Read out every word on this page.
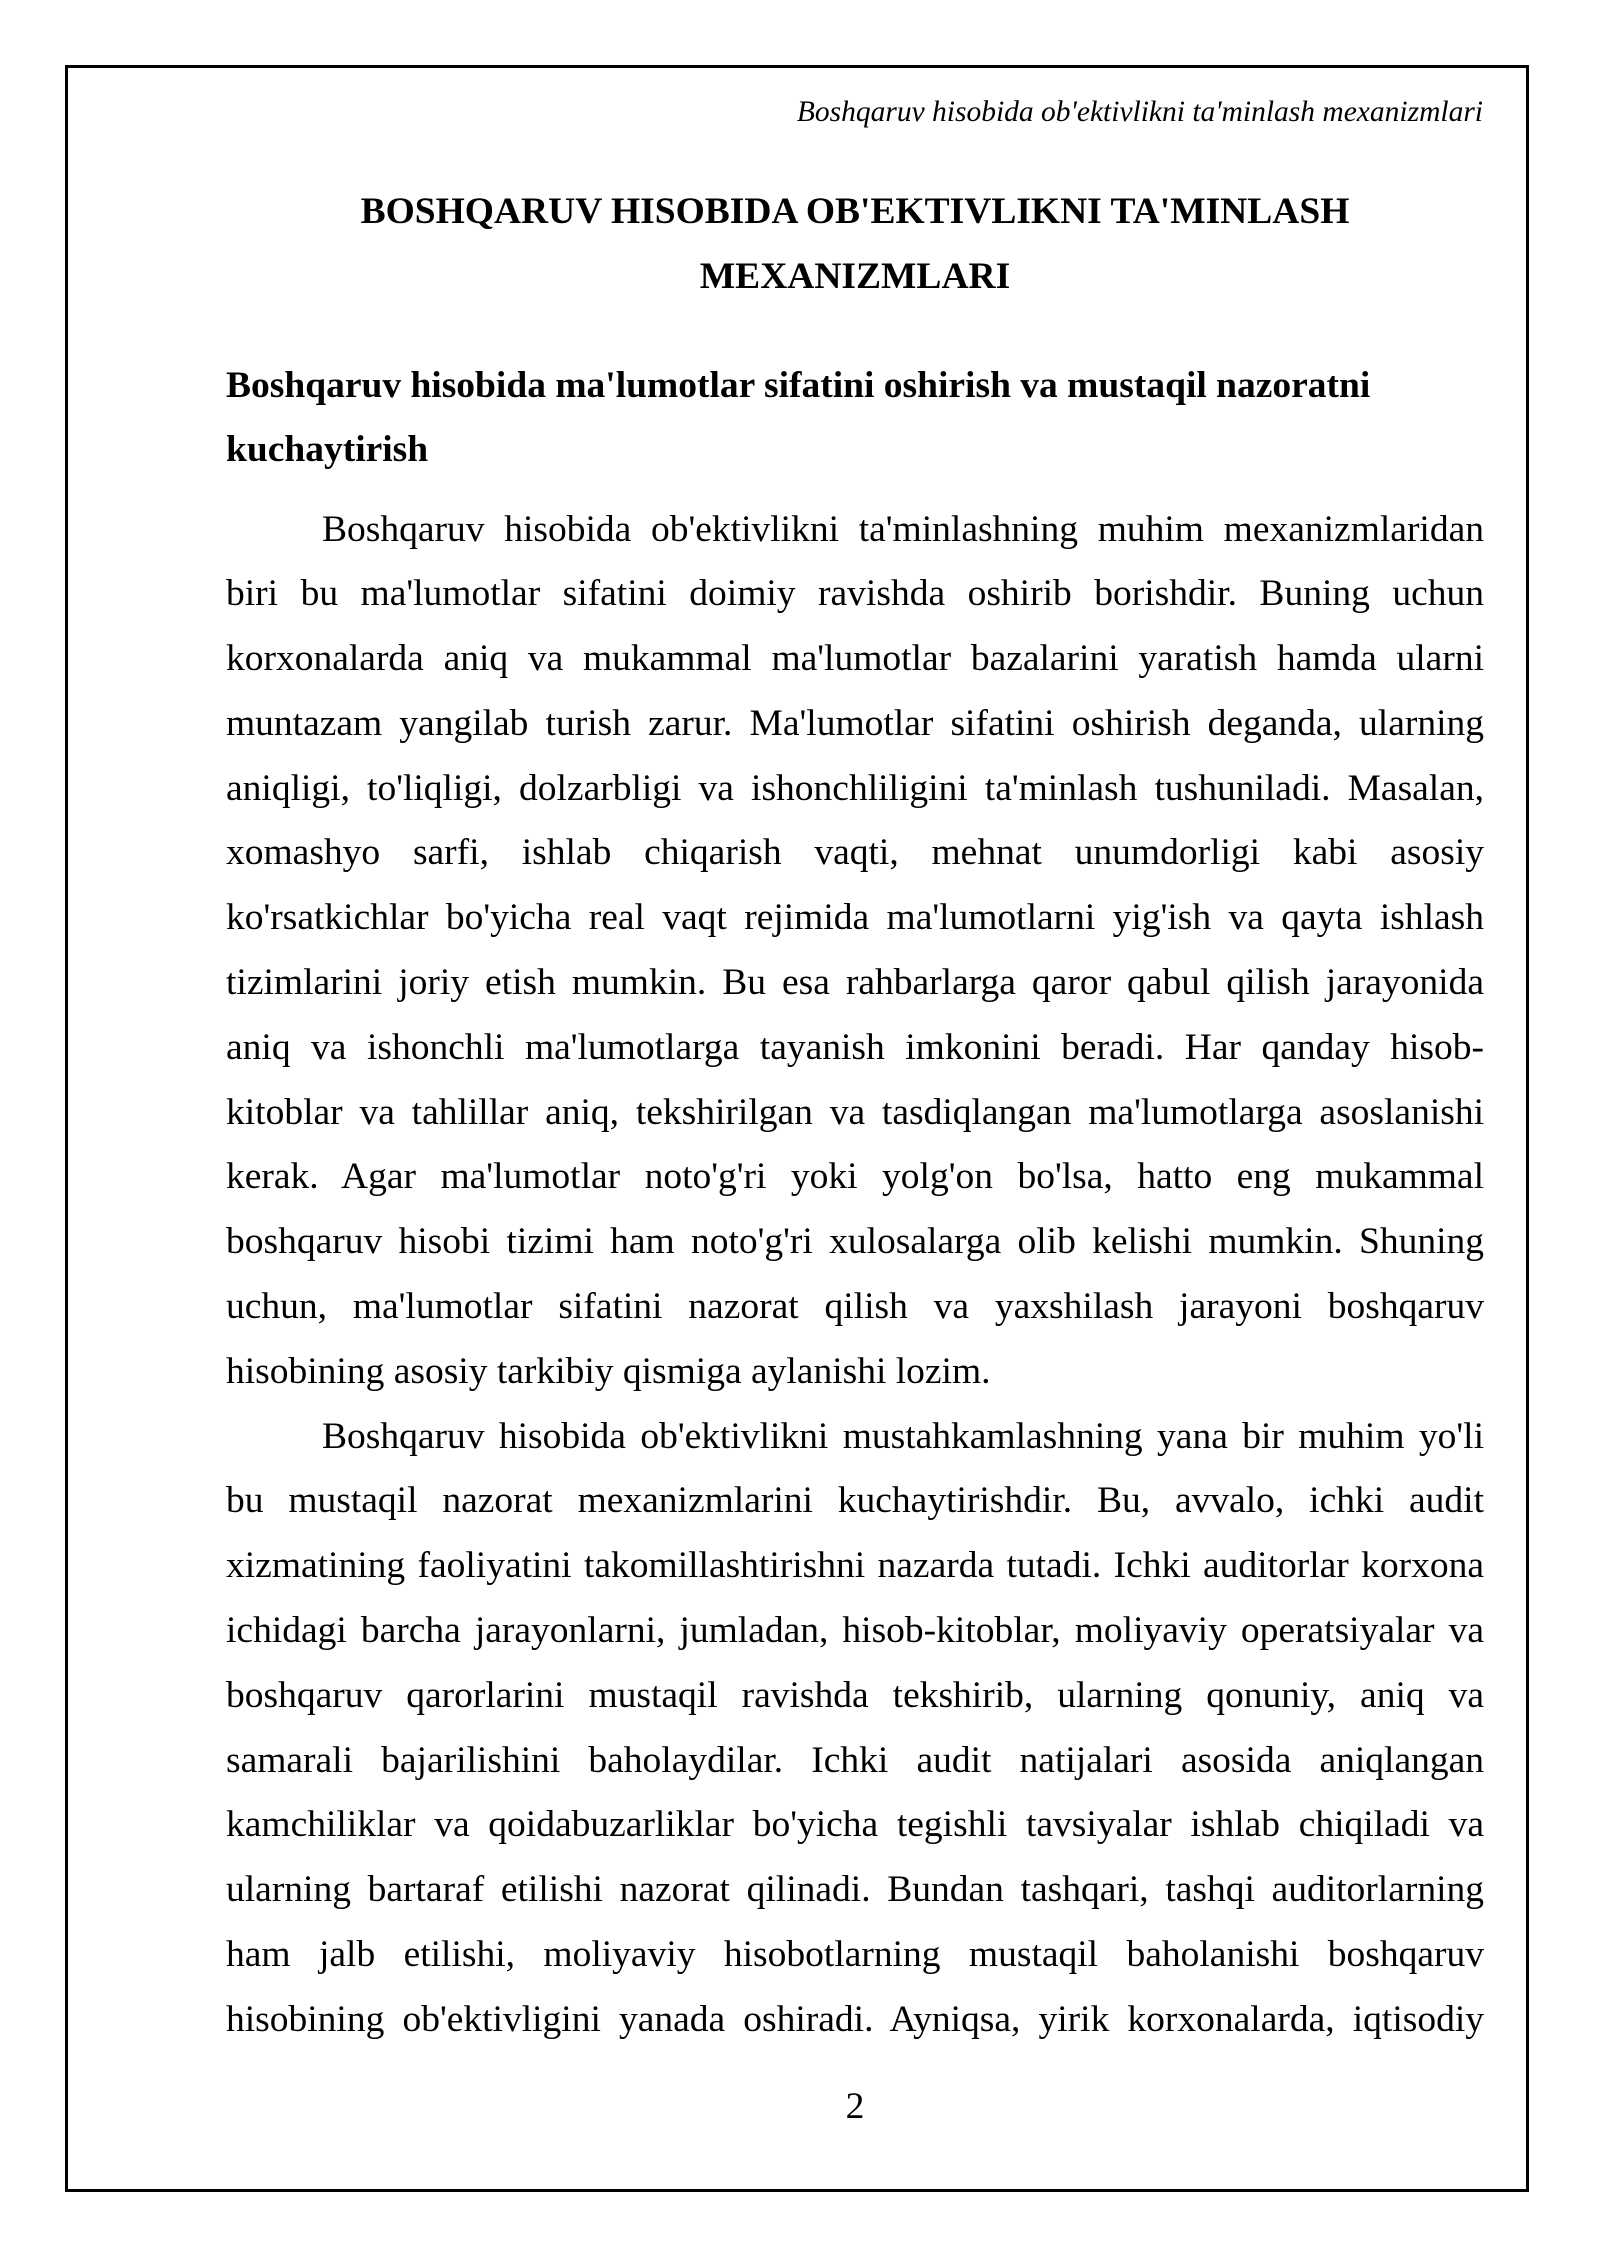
Boshqaruv hisobida ob'ektivlikni ta'minlash mexanizmlari
BOSHQARUV HISOBIDA OB'EKTIVLIKNI TA'MINLASH MEXANIZMLARI
Boshqaruv hisobida ma'lumotlar sifatini oshirish va mustaqil nazoratni kuchaytirish
Boshqaruv hisobida ob'ektivlikni ta'minlashning muhim mexanizmlaridan
biri bu ma'lumotlar sifatini doimiy ravishda oshirib borishdir. Buning uchun
korxonalarda aniq va mukammal ma'lumotlar bazalarini yaratish hamda ularni
muntazam yangilab turish zarur. Ma'lumotlar sifatini oshirish deganda, ularning
aniqligi, to'liqligi, dolzarbligi va ishonchliligini ta'minlash tushuniladi. Masalan,
xomashyo sarfi, ishlab chiqarish vaqti, mehnat unumdorligi kabi asosiy
ko'rsatkichlar bo'yicha real vaqt rejimida ma'lumotlarni yig'ish va qayta ishlash
tizimlarini joriy etish mumkin. Bu esa rahbarlarga qaror qabul qilish jarayonida
aniq va ishonchli ma'lumotlarga tayanish imkonini beradi. Har qanday hisob-
kitoblar va tahlillar aniq, tekshirilgan va tasdiqlangan ma'lumotlarga asoslanishi
kerak. Agar ma'lumotlar noto'g'ri yoki yolg'on bo'lsa, hatto eng mukammal
boshqaruv hisobi tizimi ham noto'g'ri xulosalarga olib kelishi mumkin. Shuning
uchun, ma'lumotlar sifatini nazorat qilish va yaxshilash jarayoni boshqaruv
hisobining asosiy tarkibiy qismiga aylanishi lozim.
Boshqaruv hisobida ob'ektivlikni mustahkamlashning yana bir muhim yo'li
bu mustaqil nazorat mexanizmlarini kuchaytirishdir. Bu, avvalo, ichki audit
xizmatining faoliyatini takomillashtirishni nazarda tutadi. Ichki auditorlar korxona
ichidagi barcha jarayonlarni, jumladan, hisob-kitoblar, moliyaviy operatsiyalar va
boshqaruv qarorlarini mustaqil ravishda tekshirib, ularning qonuniy, aniq va
samarali bajarilishini baholaydilar. Ichki audit natijalari asosida aniqlangan
kamchiliklar va qoidabuzarliklar bo'yicha tegishli tavsiyalar ishlab chiqiladi va
ularning bartaraf etilishi nazorat qilinadi. Bundan tashqari, tashqi auditorlarning
ham jalb etilishi, moliyaviy hisobotlarning mustaqil baholanishi boshqaruv
hisobining ob'ektivligini yanada oshiradi. Ayniqsa, yirik korxonalarda, iqtisodiy
2
